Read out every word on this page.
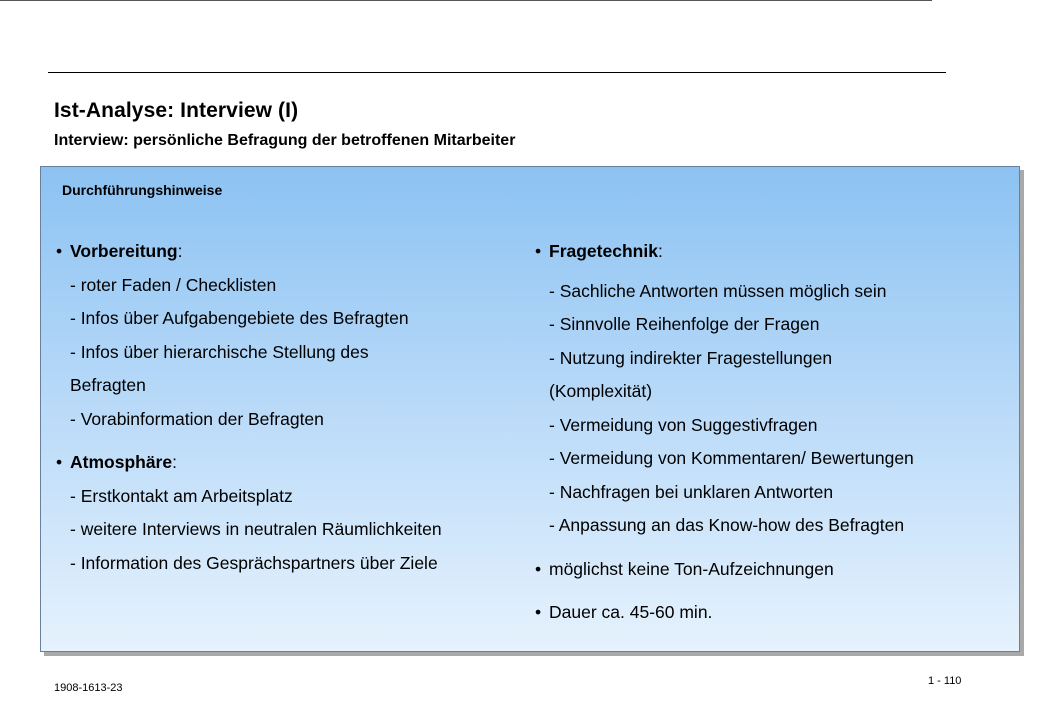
Ist-Analyse: Interview (I)
Interview: persönliche Befragung der betroffenen Mitarbeiter
Durchführungshinweise
• Vorbereitung:
- roter Faden / Checklisten
- Infos über Aufgabengebiete des Befragten
- Infos über hierarchische Stellung des
Befragten
- Vorabinformation der Befragten
• Atmosphäre:
- Erstkontakt am Arbeitsplatz
- weitere Interviews in neutralen Räumlichkeiten
- Information des Gesprächspartners über Ziele
• Fragetechnik:
- Sachliche Antworten müssen möglich sein
- Sinnvolle Reihenfolge der Fragen
- Nutzung indirekter Fragestellungen
(Komplexität)
- Vermeidung von Suggestivfragen
- Vermeidung von Kommentaren/ Bewertungen
- Nachfragen bei unklaren Antworten
- Anpassung an das Know-how des Befragten
• möglichst keine Ton-Aufzeichnungen
• Dauer ca. 45-60 min.
1908-1613-23
1 - 110
